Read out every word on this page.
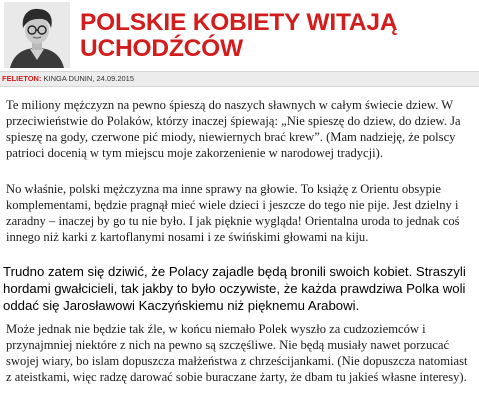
POLSKIE KOBIETY WITAJĄ UCHODŹCÓW
FELIETON: KINGA DUNIN, 24.09.2015

Te miliony mężczyzn na pewno śpieszą do naszych sławnych w całym świecie dziew. W przeciwieństwie do Polaków, którzy inaczej śpiewają: „Nie spieszę do dziew, do dziew. Ja spieszę na gody, czerwone pić miody, niewiernych brać krew”. (Mam nadzieję, że polscy patrioci docenią w tym miejscu moje zakorzenienie w narodowej tradycji).

No właśnie, polski mężczyzna ma inne sprawy na głowie. To książę z Orientu obsypie komplementami, będzie pragnął mieć wiele dzieci i jeszcze do tego nie pije. Jest dzielny i zaradny – inaczej by go tu nie było. I jak pięknie wygląda! Orientalna uroda to jednak coś innego niż karki z kartoflanymi nosami i ze świńskimi głowami na kiju.

Trudno zatem się dziwić, że Polacy zajadle będą bronili swoich kobiet. Straszyli hordami gwałcicieli, tak jakby to było oczywiste, że każda prawdziwa Polka woli oddać się Jarosławowi Kaczyńskiemu niż pięknemu Arabowi.

Może jednak nie będzie tak źle, w końcu niemało Polek wyszło za cudzoziemców i przynajmniej niektóre z nich na pewno są szczęśliwe. Nie będą musiały nawet porzucać swojej wiary, bo islam dopuszcza małżeństwa z chrześcijankami. (Nie dopuszcza natomiast z ateistkami, więc radzę darować sobie buraczane żarty, że dbam tu jakieś własne interesy).
